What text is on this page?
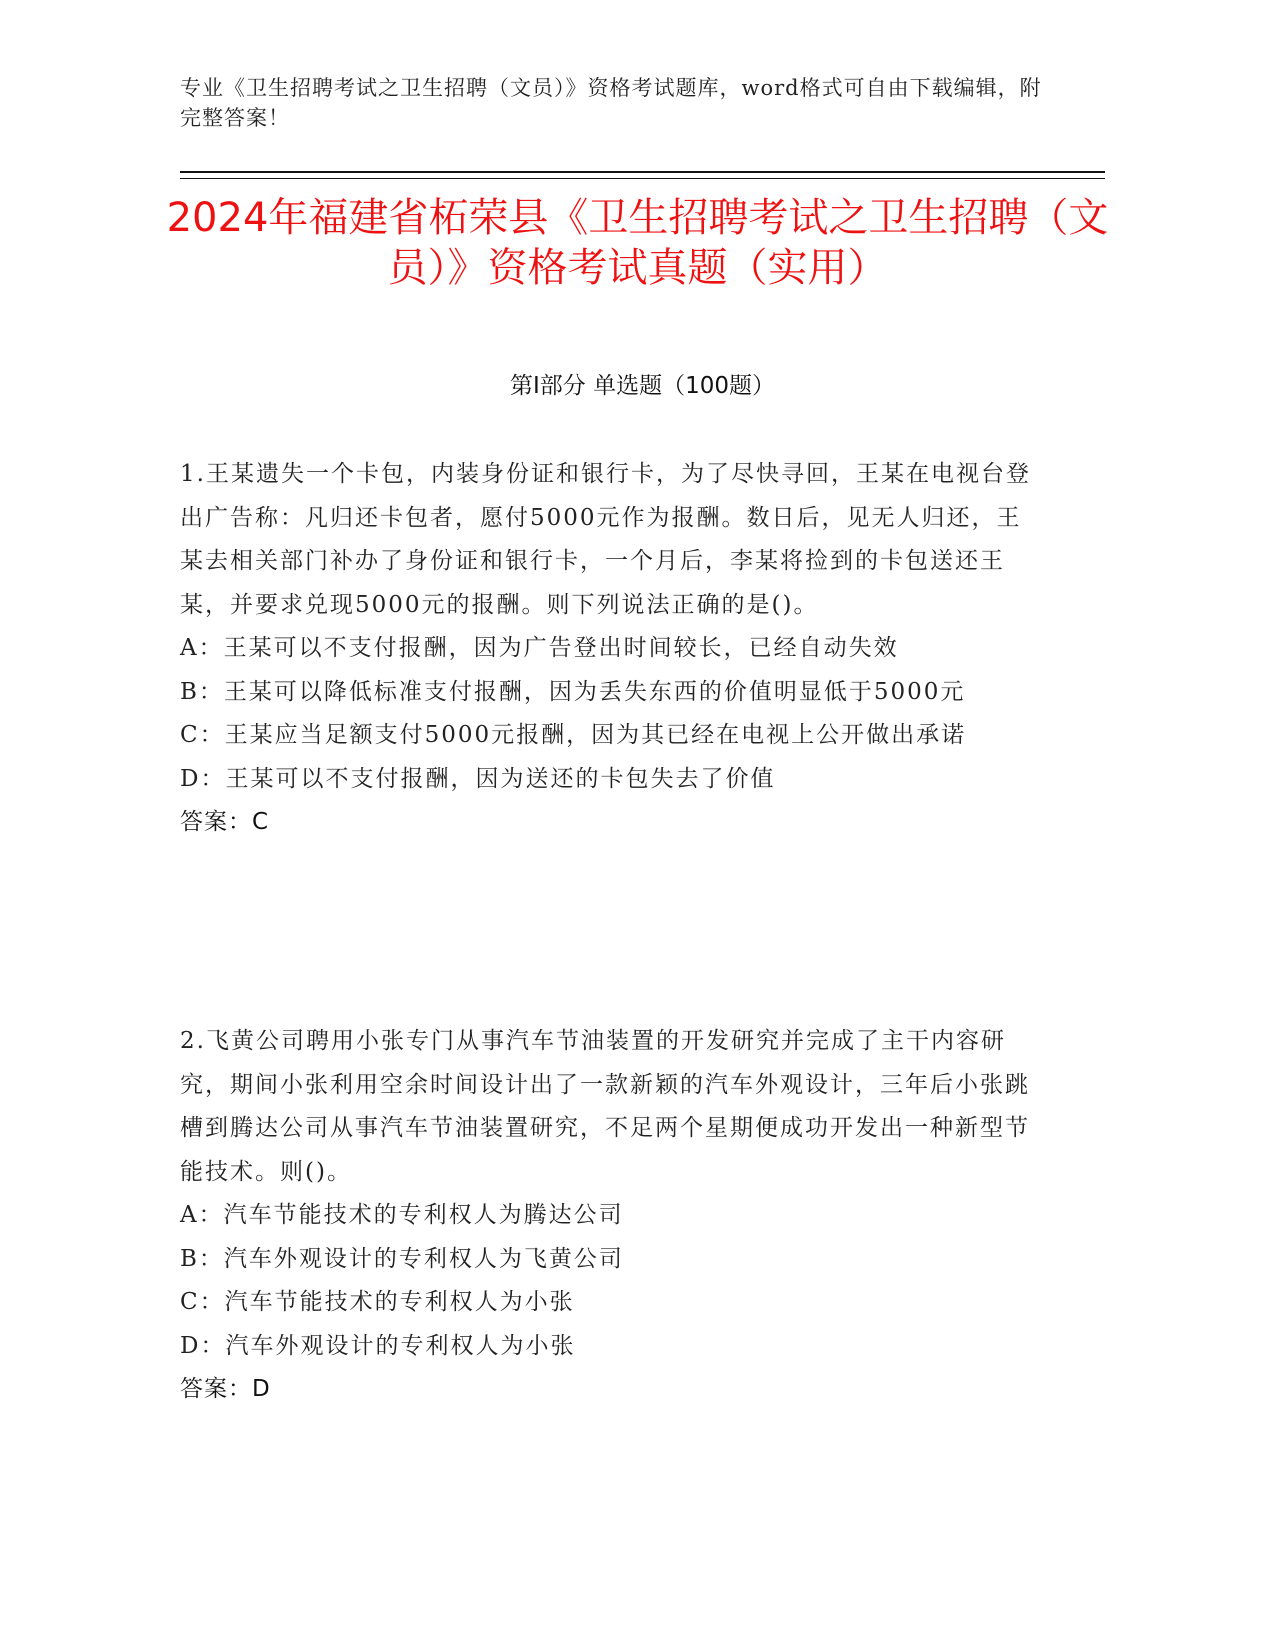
专业《卫生招聘考试之卫生招聘（文员）》资格考试题库，word格式可自由下载编辑，附完整答案！
2024年福建省柘荣县《卫生招聘考试之卫生招聘（文员）》资格考试真题（实用）
第Ⅰ部分 单选题（100题）

1.王某遗失一个卡包，内装身份证和银行卡，为了尽快寻回，王某在电视台登出广告称：凡归还卡包者，愿付5000元作为报酬。数日后，见无人归还，王某去相关部门补办了身份证和银行卡，一个月后，李某将捡到的卡包送还王某，并要求兑现5000元的报酬。则下列说法正确的是()。

A：王某可以不支付报酬，因为广告登出时间较长，已经自动失效

B：王某可以降低标准支付报酬，因为丢失东西的价值明显低于5000元

C：王某应当足额支付5000元报酬，因为其已经在电视上公开做出承诺

D：王某可以不支付报酬，因为送还的卡包失去了价值

答案：C

2.飞黄公司聘用小张专门从事汽车节油装置的开发研究并完成了主干内容研究，期间小张利用空余时间设计出了一款新颖的汽车外观设计，三年后小张跳槽到腾达公司从事汽车节油装置研究，不足两个星期便成功开发出一种新型节能技术。则()。

A：汽车节能技术的专利权人为腾达公司

B：汽车外观设计的专利权人为飞黄公司

C：汽车节能技术的专利权人为小张

D：汽车外观设计的专利权人为小张

答案：D
